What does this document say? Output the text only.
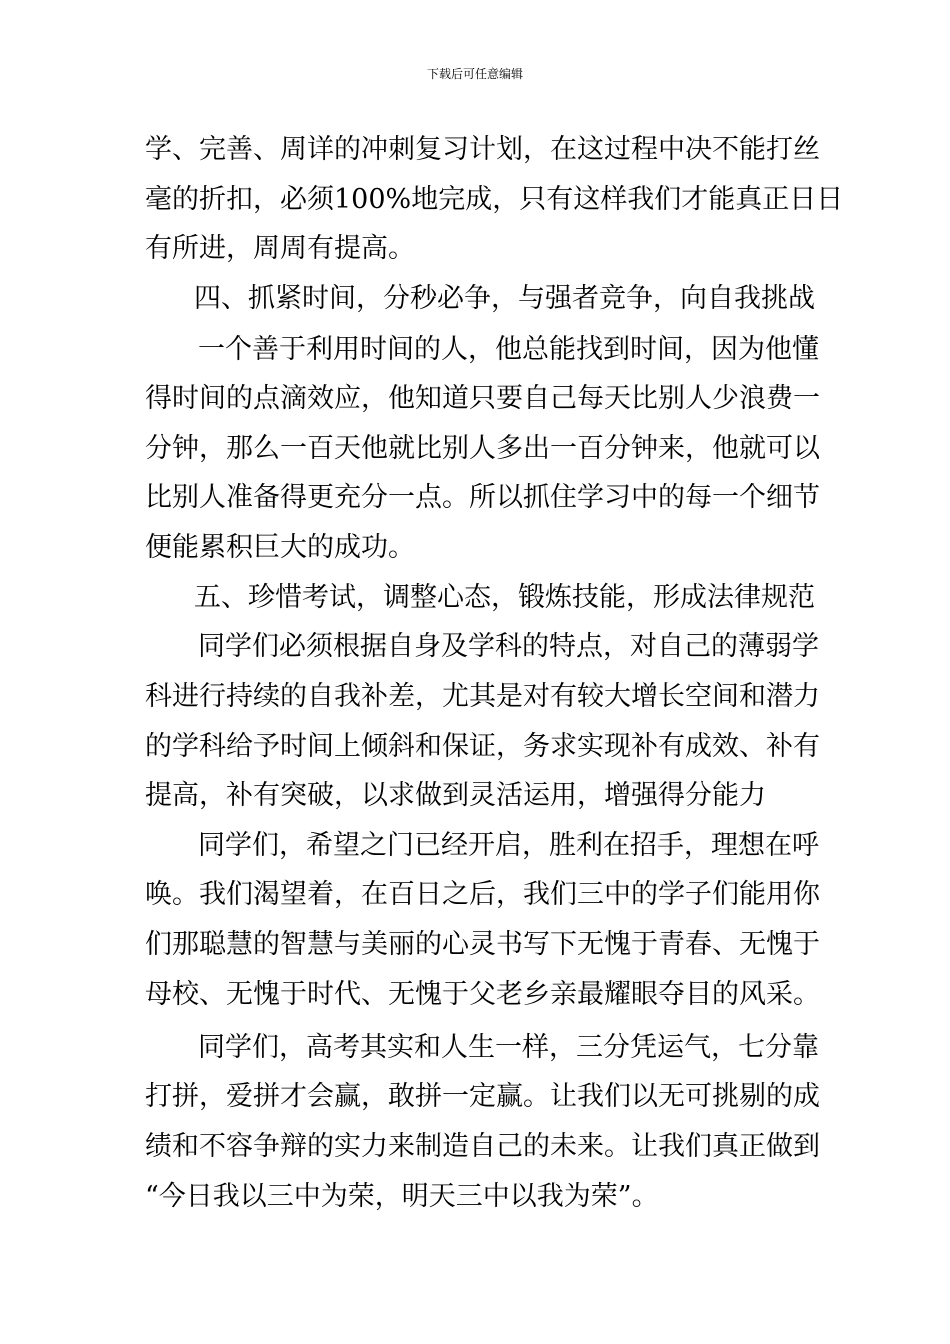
下载后可任意编辑
学、完善、周详的冲刺复习计划，在这过程中决不能打丝
毫的折扣，必须100%地完成，只有这样我们才能真正日日
有所进，周周有提高。
四、抓紧时间，分秒必争，与强者竞争，向自我挑战
一个善于利用时间的人，他总能找到时间，因为他懂
得时间的点滴效应，他知道只要自己每天比别人少浪费一
分钟，那么一百天他就比别人多出一百分钟来，他就可以
比别人准备得更充分一点。所以抓住学习中的每一个细节
便能累积巨大的成功。
五、珍惜考试，调整心态，锻炼技能，形成法律规范
同学们必须根据自身及学科的特点，对自己的薄弱学
科进行持续的自我补差，尤其是对有较大增长空间和潜力
的学科给予时间上倾斜和保证，务求实现补有成效、补有
提高，补有突破，以求做到灵活运用，增强得分能力
同学们，希望之门已经开启，胜利在招手，理想在呼
唤。我们渴望着，在百日之后，我们三中的学子们能用你
们那聪慧的智慧与美丽的心灵书写下无愧于青春、无愧于
母校、无愧于时代、无愧于父老乡亲最耀眼夺目的风采。
同学们，高考其实和人生一样，三分凭运气，七分靠
打拼，爱拼才会赢，敢拼一定赢。让我们以无可挑剔的成
绩和不容争辩的实力来制造自己的未来。让我们真正做到
“今日我以三中为荣，明天三中以我为荣”。
